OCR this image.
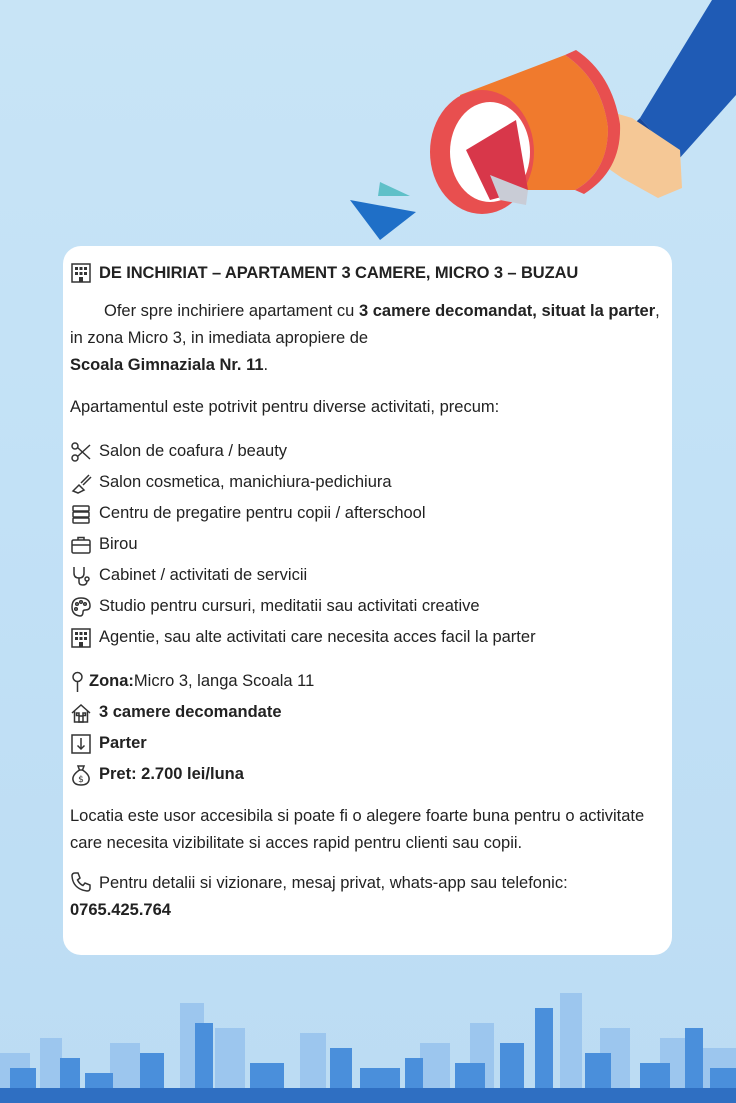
DE INCHIRIAT – APARTAMENT 3 CAMERE, MICRO 3 – BUZAU

Ofer spre inchiriere apartament cu 3 camere decomandat, situat la parter, in zona Micro 3, in imediata apropiere de
Scoala Gimnaziala Nr. 11.

Apartamentul este potrivit pentru diverse activitati, precum:

Salon de coafura / beauty
Salon cosmetica, manichiura-pedichiura
Centru de pregatire pentru copii / afterschool
Birou
Cabinet / activitati de servicii
Studio pentru cursuri, meditatii sau activitati creative
Agentie, sau alte activitati care necesita acces facil la parter
Zona: Micro 3, langa Scoala 11
3 camere decomandate
Parter
$ Pret: 2.700 lei/luna

Locatia este usor accesibila si poate fi o alegere foarte buna pentru o activitate care necesita vizibilitate si acces rapid pentru clienti sau copii.

Pentru detalii si vizionare, mesaj privat, whats-app sau telefonic:
0765.425.764
